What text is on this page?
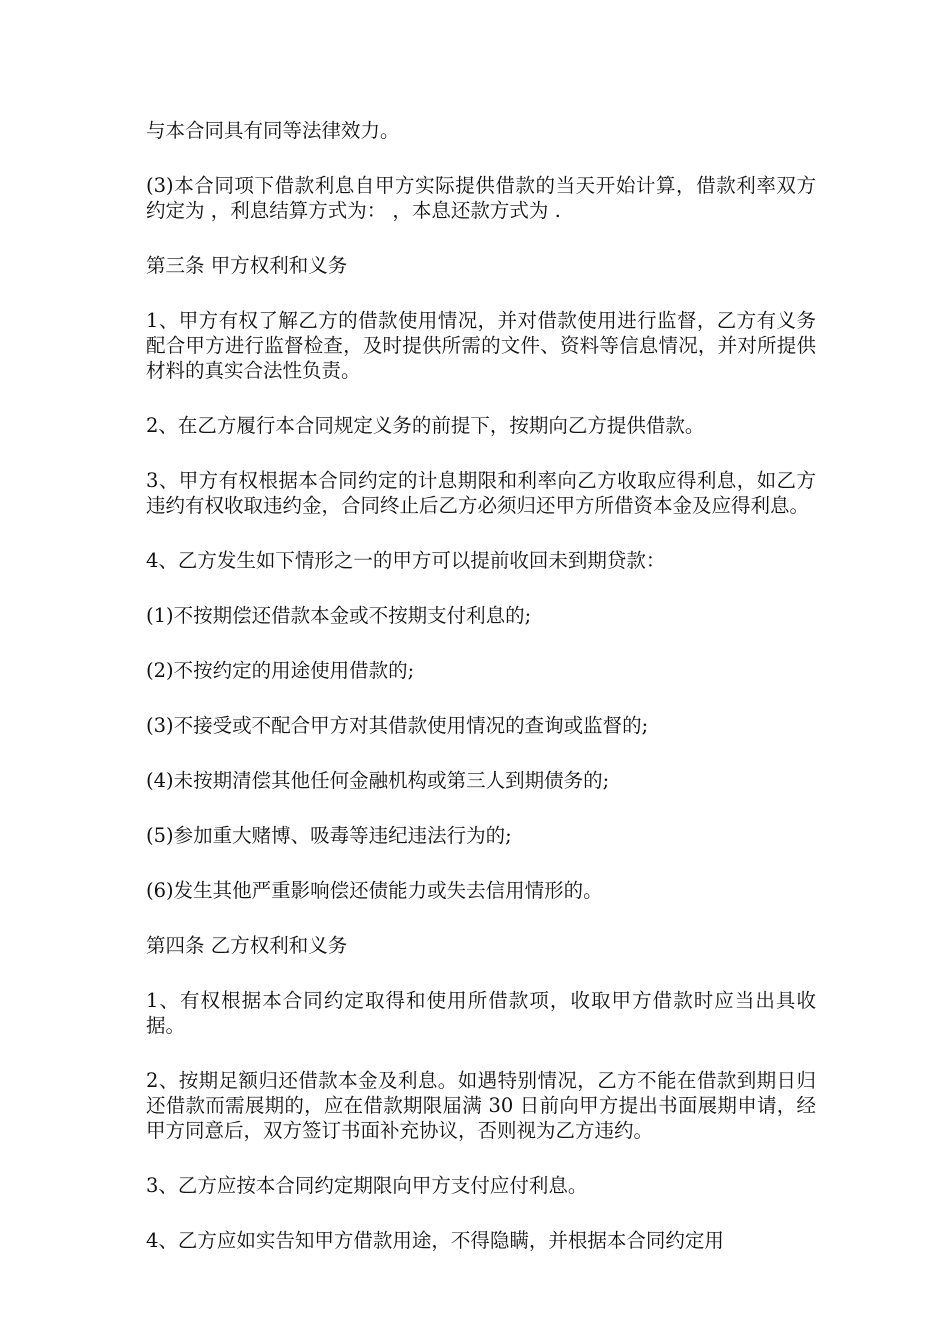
与本合同具有同等法律效力。

(3)本合同项下借款利息自甲方实际提供借款的当天开始计算，借款利率双方约定为 ，利息结算方式为： ，本息还款方式为 .

第三条 甲方权利和义务

1、甲方有权了解乙方的借款使用情况，并对借款使用进行监督，乙方有义务配合甲方进行监督检查，及时提供所需的文件、资料等信息情况，并对所提供材料的真实合法性负责。

2、在乙方履行本合同规定义务的前提下，按期向乙方提供借款。

3、甲方有权根据本合同约定的计息期限和利率向乙方收取应得利息，如乙方违约有权收取违约金，合同终止后乙方必须归还甲方所借资本金及应得利息。

4、乙方发生如下情形之一的甲方可以提前收回未到期贷款：

(1)不按期偿还借款本金或不按期支付利息的;

(2)不按约定的用途使用借款的;

(3)不接受或不配合甲方对其借款使用情况的查询或监督的;

(4)未按期清偿其他任何金融机构或第三人到期债务的;

(5)参加重大赌博、吸毒等违纪违法行为的;

(6)发生其他严重影响偿还债能力或失去信用情形的。

第四条 乙方权利和义务

1、有权根据本合同约定取得和使用所借款项，收取甲方借款时应当出具收据。

2、按期足额归还借款本金及利息。如遇特别情况，乙方不能在借款到期日归还借款而需展期的，应在借款期限届满 30 日前向甲方提出书面展期申请，经甲方同意后，双方签订书面补充协议，否则视为乙方违约。

3、乙方应按本合同约定期限向甲方支付应付利息。

4、乙方应如实告知甲方借款用途，不得隐瞒，并根据本合同约定用
